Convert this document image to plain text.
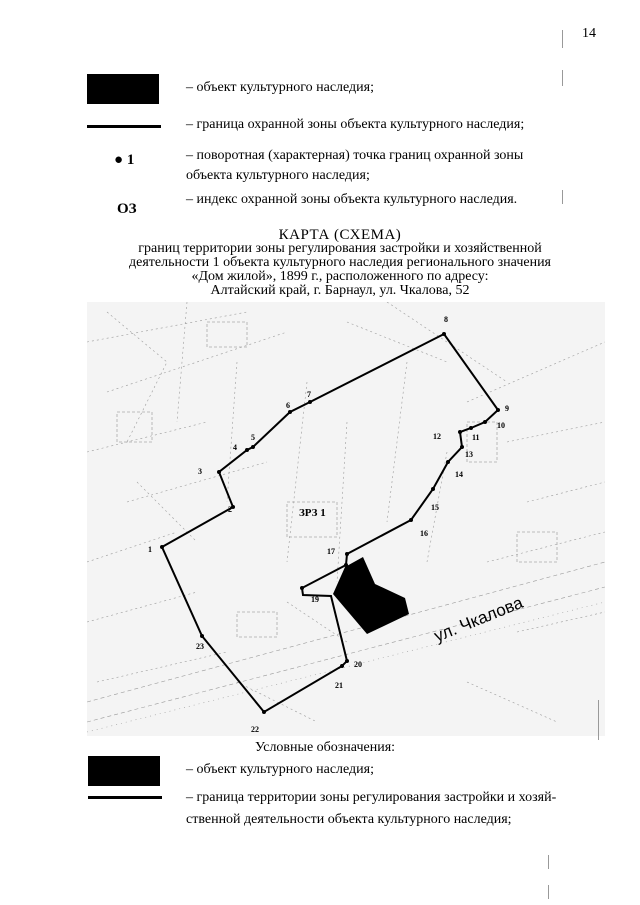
14
– объект культурного наследия;
– граница охранной зоны объекта культурного наследия;
● 1	– поворотная (характерная) точка границ охранной зоны
объекта культурного наследия;
ОЗ
– индекс охранной зоны объекта культурного наследия.
КАРТА (СХЕМА)
границ территории зоны регулирования застройки и хозяйственной
деятельности 1 объекта культурного наследия регионального значения
«Дом жилой», 1899 г., расположенного по адресу:
Алтайский край, г. Барнаул, ул. Чкалова, 52
ул. Чкалова
ЗРЗ 1
1
2
3
4
5
6
7
8
9
10
11
12
13
14
15
16
17
18
19
20
21
22
23
Условные обозначения:
– объект культурного наследия;
– граница территории зоны регулирования застройки и хозяй-
ственной деятельности объекта культурного наследия;
